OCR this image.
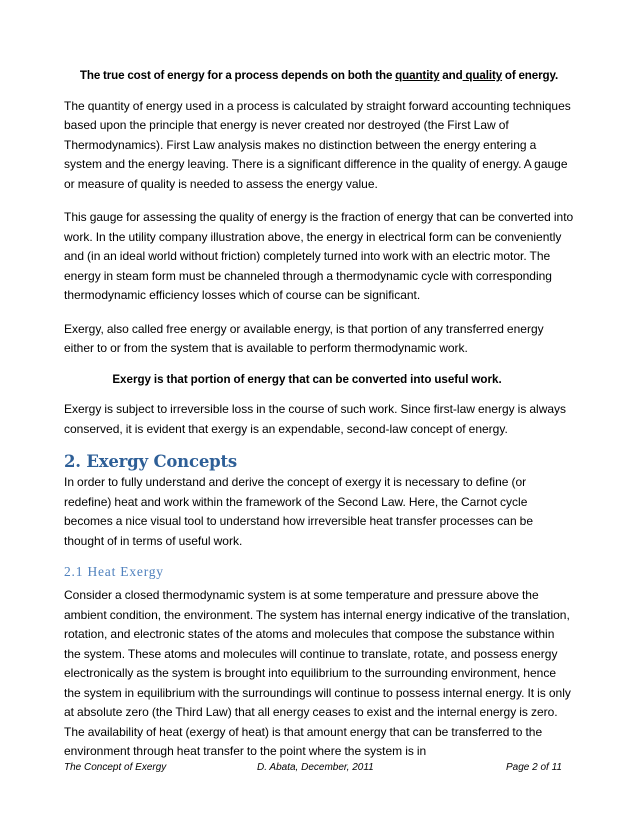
The true cost of energy for a process depends on both the quantity and quality of energy.

The quantity of energy used in a process is calculated by straight forward accounting techniques based upon the principle that energy is never created nor destroyed (the First Law of Thermodynamics). First Law analysis makes no distinction between the energy entering a system and the energy leaving. There is a significant difference in the quality of energy. A gauge or measure of quality is needed to assess the energy value.

This gauge for assessing the quality of energy is the fraction of energy that can be converted into work. In the utility company illustration above, the energy in electrical form can be conveniently and (in an ideal world without friction) completely turned into work with an electric motor. The energy in steam form must be channeled through a thermodynamic cycle with corresponding thermodynamic efficiency losses which of course can be significant.

Exergy, also called free energy or available energy, is that portion of any transferred energy either to or from the system that is available to perform thermodynamic work.

Exergy is that portion of energy that can be converted into useful work.

Exergy is subject to irreversible loss in the course of such work. Since first-law energy is always conserved, it is evident that exergy is an expendable, second-law concept of energy.

2. Exergy Concepts

In order to fully understand and derive the concept of exergy it is necessary to define (or redefine) heat and work within the framework of the Second Law. Here, the Carnot cycle becomes a nice visual tool to understand how irreversible heat transfer processes can be thought of in terms of useful work.

2.1 Heat Exergy

Consider a closed thermodynamic system is at some temperature and pressure above the ambient condition, the environment. The system has internal energy indicative of the translation, rotation, and electronic states of the atoms and molecules that compose the substance within the system. These atoms and molecules will continue to translate, rotate, and possess energy electronically as the system is brought into equilibrium to the surrounding environment, hence the system in equilibrium with the surroundings will continue to possess internal energy. It is only at absolute zero (the Third Law) that all energy ceases to exist and the internal energy is zero. The availability of heat (exergy of heat) is that amount energy that can be transferred to the environment through heat transfer to the point where the system is in

The Concept of Exergy	D. Abata, December, 2011	Page 2 of 11
